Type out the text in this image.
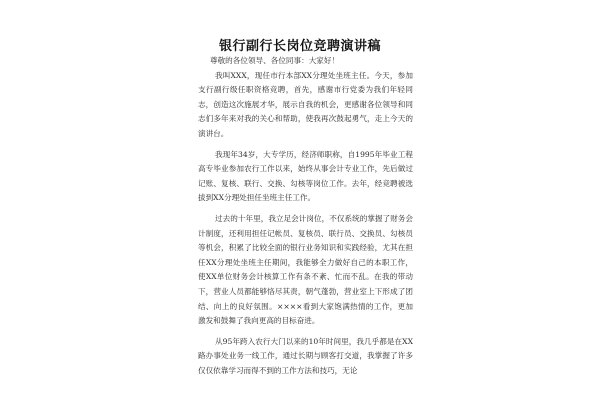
银行副行长岗位竞聘演讲稿

尊敬的各位领导、各位同事：大家好！

我叫XXX，现任市行本部XX分理处坐班主任。今天，参加支行副行级任职资格竞聘，首先，感谢市行党委为我们年轻同志，创造这次施展才华，展示自我的机会，更感谢各位领导和同志们多年来对我的关心和帮助，使我再次鼓起勇气，走上今天的演讲台。

我现年34岁，大专学历，经济师职称，自1995年毕业工程高专毕业参加农行工作以来，始终从事会计专业工作，先后做过记账、复核、联行、交换、勾核等岗位工作。去年，经竞聘被选拔到XX分理处担任坐班主任工作。

过去的十年里，我立足会计岗位，不仅系统的掌握了财务会计制度，还利用担任记帐员、复核员、联行员、交换员、勾核员等机会，积累了比较全面的银行业务知识和实践经验，尤其在担任XX分理处坐班主任期间，我能够全力做好自己的本职工作，使XX单位财务会计核算工作有条不紊、忙而不乱。在我的带动下，营业人员都能够恪尽其责，朝气蓬勃，营业室上下形成了团结、向上的良好氛围。××××看到大家饱满热情的工作，更加激发和鼓舞了我向更高的目标奋进。

从95年跨入农行大门以来的10年时间里，我几乎都是在XX路办事处业务一线工作，通过长期与顾客打交道，我掌握了许多仅仅依靠学习而得不到的工作方法和技巧，无论
